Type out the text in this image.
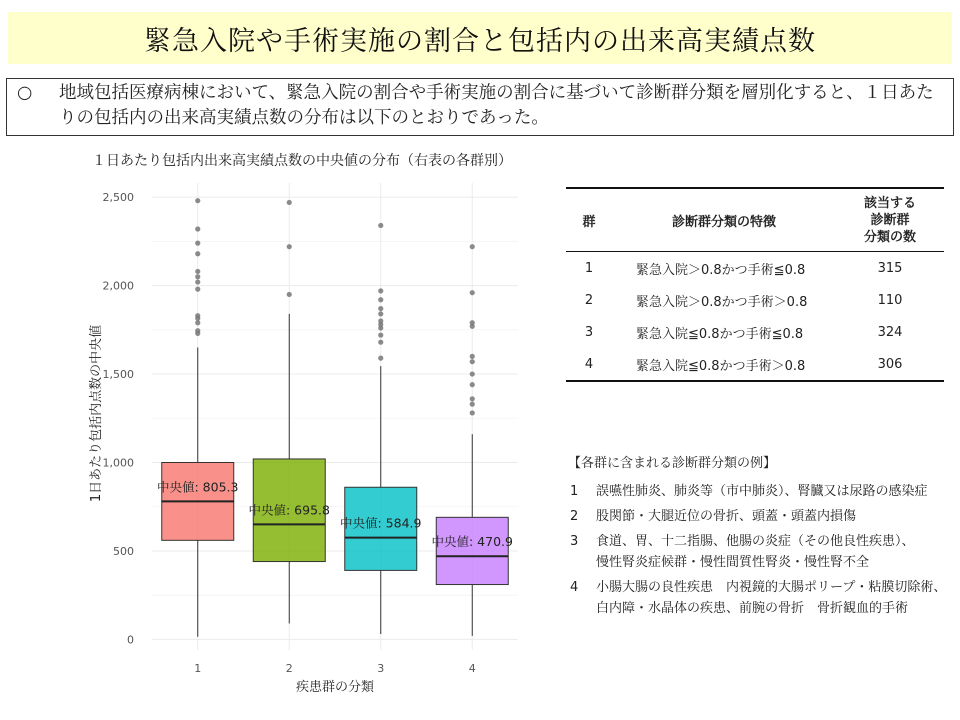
緊急入院や手術実施の割合と包括内の出来高実績点数
○	地域包括医療病棟において、緊急入院の割合や手術実施の割合に基づいて診断群分類を層別化すると、１日あたりの包括内の出来高実績点数の分布は以下のとおりであった。
１日あたり包括内出来高実績点数の中央値の分布（右表の各群別）
0
500
1,000
1,500
2,000
2,500
1	2	3	4
疾患群の分類
1日あたり包括内点数の中央値	中央値: 805.3
中央値: 695.8
中央値: 584.9
中央値: 470.9
群	診断群分類の特徴	該当する
診断群
分類の数
1	緊急入院＞0.8かつ手術≦0.8	315
2	緊急入院＞0.8かつ手術＞0.8	110
3	緊急入院≦0.8かつ手術≦0.8	324
4	緊急入院≦0.8かつ手術＞0.8	306
【各群に含まれる診断群分類の例】
1	誤嚥性肺炎、肺炎等（市中肺炎）、腎臓又は尿路の感染症
2	股関節・大腿近位の骨折、頭蓋・頭蓋内損傷
3	食道、胃、十二指腸、他腸の炎症（その他良性疾患）、
慢性腎炎症候群・慢性間質性腎炎・慢性腎不全
4	小腸大腸の良性疾患　内視鏡的大腸ポリープ・粘膜切除術、
白内障・水晶体の疾患、前腕の骨折　骨折観血的手術
